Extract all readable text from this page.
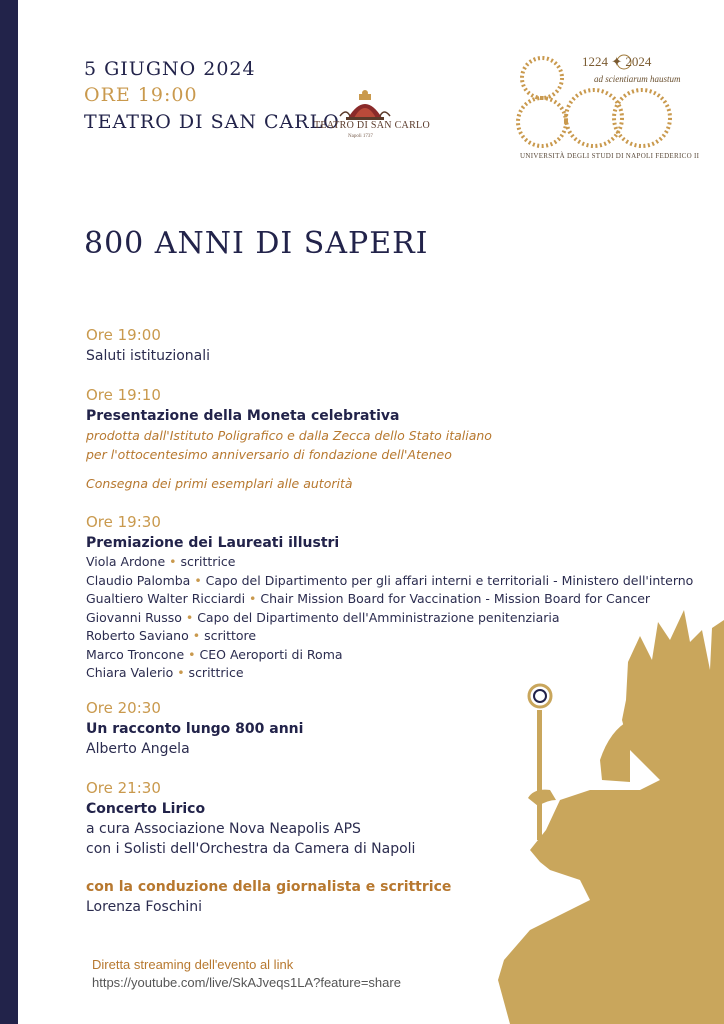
5 GIUGNO 2024
ORE 19:00
TEATRO DI SAN CARLO
TEATRO DI SAN CARLO
Napoli 1737
1224 ✦ 2024
ad scientiarum haustum
UNIVERSITÀ DEGLI STUDI DI NAPOLI FEDERICO II
800 ANNI DI SAPERI
Ore 19:00
Saluti istituzionali
Ore 19:10
Presentazione della Moneta celebrativa
prodotta dall'Istituto Poligrafico e dalla Zecca dello Stato italiano
per l'ottocentesimo anniversario di fondazione dell'Ateneo
Consegna dei primi esemplari alle autorità
Ore 19:30
Premiazione dei Laureati illustri
Viola Ardone • scrittrice
Claudio Palomba • Capo del Dipartimento per gli affari interni e territoriali - Ministero dell'interno
Gualtiero Walter Ricciardi • Chair Mission Board for Vaccination - Mission Board for Cancer
Giovanni Russo • Capo del Dipartimento dell'Amministrazione penitenziaria
Roberto Saviano • scrittore
Marco Troncone • CEO Aeroporti di Roma
Chiara Valerio • scrittrice
Ore 20:30
Un racconto lungo 800 anni
Alberto Angela
Ore 21:30
Concerto Lirico
a cura Associazione Nova Neapolis APS
con i Solisti dell'Orchestra da Camera di Napoli
con la conduzione della giornalista e scrittrice
Lorenza Foschini
Diretta streaming dell'evento al link
https://youtube.com/live/SkAJveqs1LA?feature=share
